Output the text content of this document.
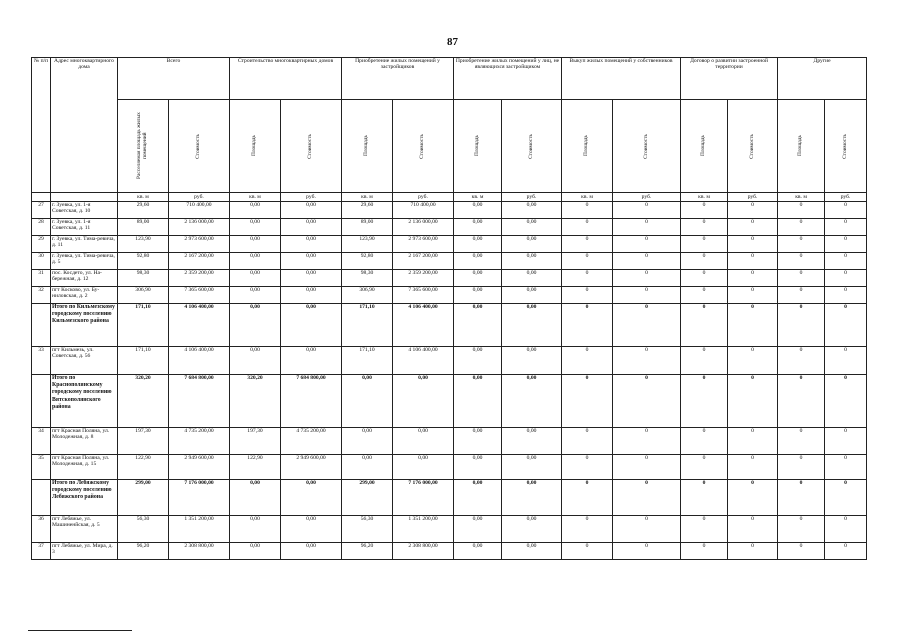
87
№ п/п	Адрес многоквартирного дома	Всего		Строительство многоквартирных домов		Приобретение жилых помещений у застройщиков		Приобретение жилых помещений у лиц, не являющихся застройщиком		Выкуп жилых помещений у собственников		Договор о развитии застроенной территории		Другие	

		Расселяемая площадь жилых помещений	Стоимость	Площадь	Стоимость	Площадь	Стоимость	Площадь	Стоимость	Площадь	Стоимость	Площадь	Стоимость	Площадь	Стоимость

		кв. м	руб.	кв. м	руб.	кв. м	руб.	кв. м	руб.	кв. м	руб.	кв. м	руб.	кв. м	руб.
27	г. Зуевка, ул. 1-я Советская, д. 10	29,60	710 400,00	0,00	0,00	29,60	710 400,00	0,00	0,00	0	0	0	0	0	0
28	г. Зуевка, ул. 1-я Советская, д. 11	89,00	2 136 000,00	0,00	0,00	89,00	2 136 000,00	0,00	0,00	0	0	0	0	0	0
29	г. Зуевка, ул. Тима-ревича, д. 11	123,90	2 973 600,00	0,00	0,00	123,90	2 973 600,00	0,00	0,00	0	0	0	0	0	0
30	г. Зуевка, ул. Тима-ревича, д. 5	92,80	2 167 200,00	0,00	0,00	92,80	2 167 200,00	0,00	0,00	0	0	0	0	0	0
31	пос. Косдето, ул. На-бережная, д. 12	98,30	2 359 200,00	0,00	0,00	98,30	2 359 200,00	0,00	0,00	0	0	0	0	0	0
32	пгт Косково, ул. Бу-ниловская, д. 2	306,90	7 365 600,00	0,00	0,00	306,90	7 365 600,00	0,00	0,00	0	0	0	0	0	0
	Итого по Кильмезскому городскому поселению Кильмезского района	171,10	4 106 400,00	0,00	0,00	171,10	4 106 400,00	0,00	0,00	0	0	0	0	0	0
33	пгт Кильмезь, ул. Советская, д. 56	171,10	4 106 400,00	0,00	0,00	171,10	4 106 400,00	0,00	0,00	0	0	0	0	0	0
	Итого по Краснополянскому городскому поселению Вятскополянского района	320,20	7 684 800,00	320,20	7 684 800,00	0,00	0,00	0,00	0,00	0	0	0	0	0	0
34	пгт Красная Поляна, ул. Молодежная, д. 8	197,30	4 735 200,00	197,30	4 735 200,00	0,00	0,00	0,00	0,00	0	0	0	0	0	0
35	пгт Красная Поляна, ул. Молодежная, д. 15	122,90	2 949 600,00	122,90	2 949 600,00	0,00	0,00	0,00	0,00	0	0	0	0	0	0
	Итого по Лебяжскому городскому поселению Лебяжского района	299,00	7 176 000,00	0,00	0,00	299,00	7 176 000,00	0,00	0,00	0	0	0	0	0	0
36	пгт Лебяжье, ул. Машиненйская, д. 5	56,30	1 351 200,00	0,00	0,00	56,30	1 351 200,00	0,00	0,00	0	0	0	0	0	0
37	пгт Лебяжье, ул. Мира, д. 3	96,20	2 308 800,00	0,00	0,00	96,20	2 308 800,00	0,00	0,00	0	0	0	0	0	0
